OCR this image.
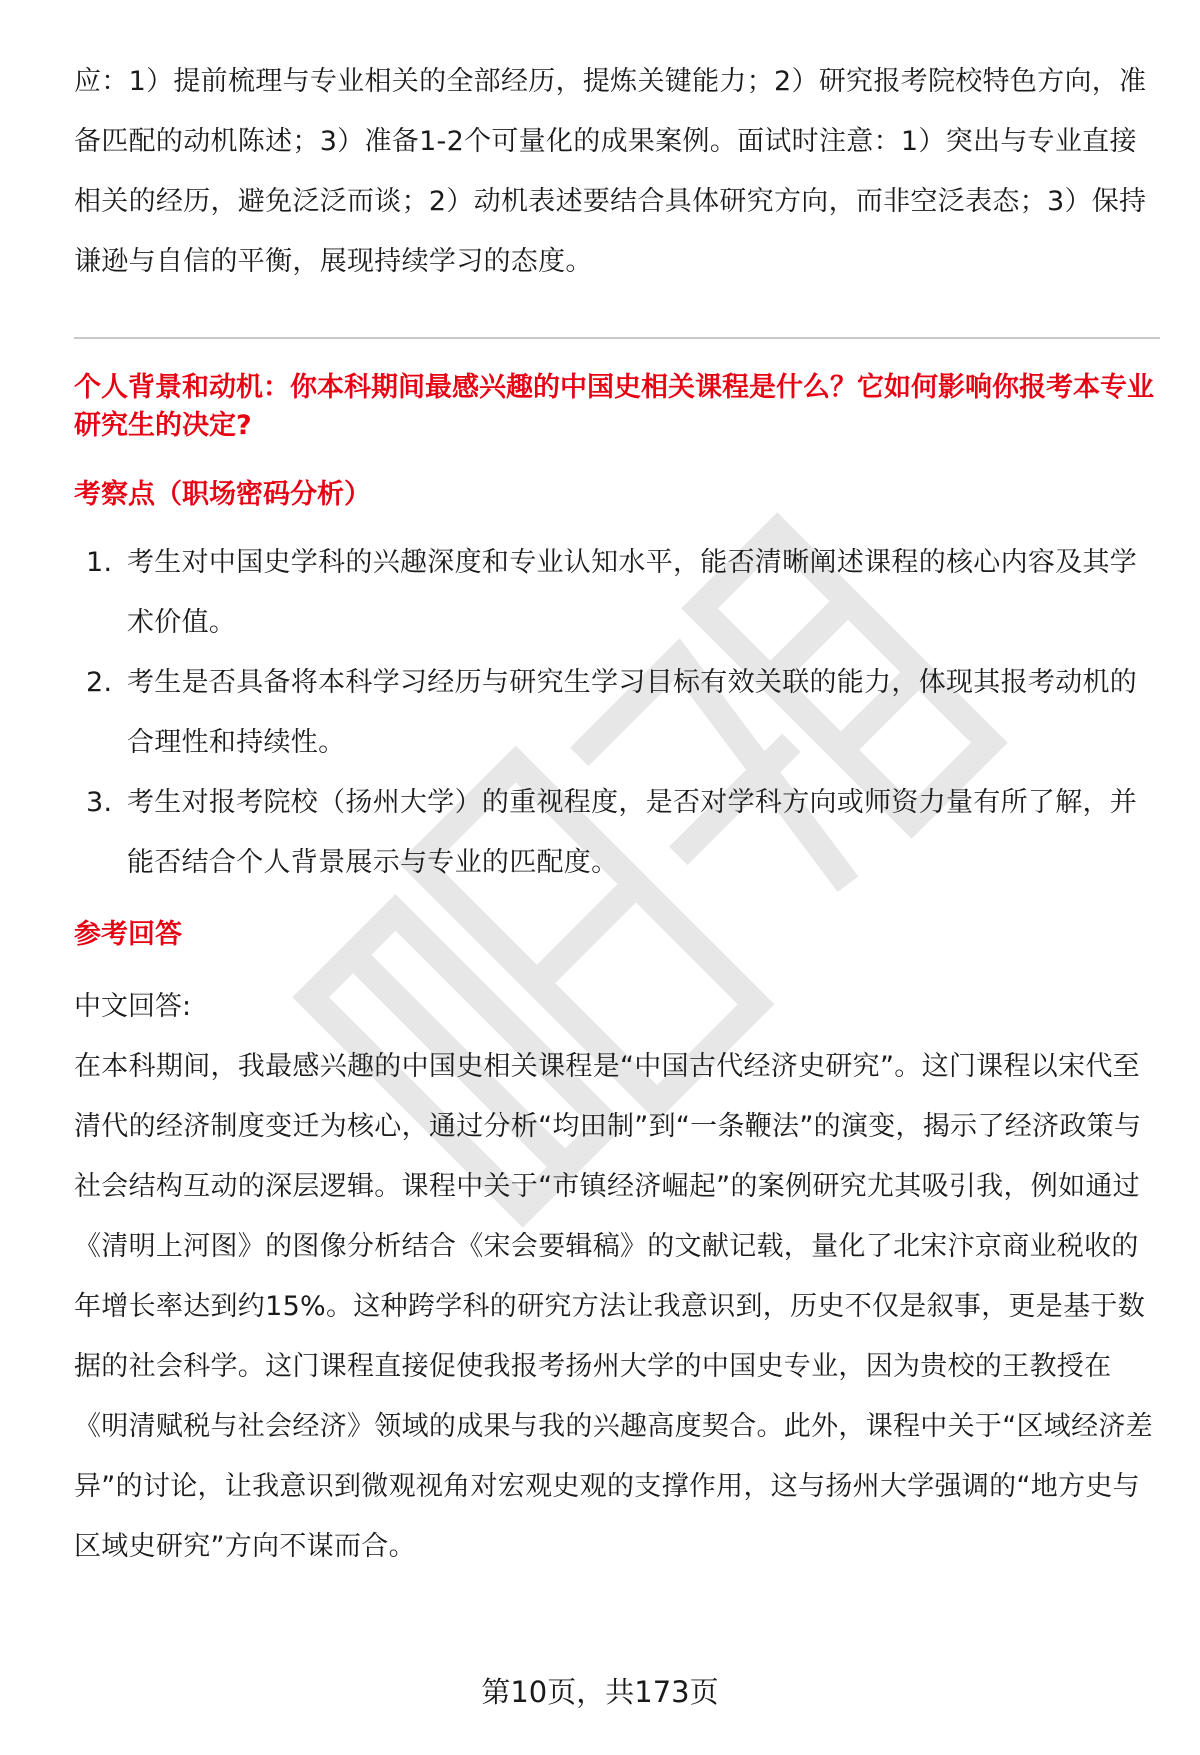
应：1）提前梳理与专业相关的全部经历，提炼关键能力；2）研究报考院校特色方向，准备匹配的动机陈述；3）准备1-2个可量化的成果案例。面试时注意：1）突出与专业直接相关的经历，避免泛泛而谈；2）动机表述要结合具体研究方向，而非空泛表态；3）保持谦逊与自信的平衡，展现持续学习的态度。

个人背景和动机：你本科期间最感兴趣的中国史相关课程是什么？它如何影响你报考本专业研究生的决定?

考察点（职场密码分析）

1. 考生对中国史学科的兴趣深度和专业认知水平，能否清晰阐述课程的核心内容及其学术价值。
2. 考生是否具备将本科学习经历与研究生学习目标有效关联的能力，体现其报考动机的合理性和持续性。
3. 考生对报考院校（扬州大学）的重视程度，是否对学科方向或师资力量有所了解，并能否结合个人背景展示与专业的匹配度。

参考回答

中文回答:

在本科期间，我最感兴趣的中国史相关课程是“中国古代经济史研究”。这门课程以宋代至清代的经济制度变迁为核心，通过分析“均田制”到“一条鞭法”的演变，揭示了经济政策与社会结构互动的深层逻辑。课程中关于“市镇经济崛起”的案例研究尤其吸引我，例如通过《清明上河图》的图像分析结合《宋会要辑稿》的文献记载，量化了北宋汴京商业税收的年增长率达到约15%。这种跨学科的研究方法让我意识到，历史不仅是叙事，更是基于数据的社会科学。这门课程直接促使我报考扬州大学的中国史专业，因为贵校的王教授在《明清赋税与社会经济》领域的成果与我的兴趣高度契合。此外，课程中关于“区域经济差异”的讨论，让我意识到微观视角对宏观史观的支撑作用，这与扬州大学强调的“地方史与区域史研究”方向不谋而合。

第10页，共173页
